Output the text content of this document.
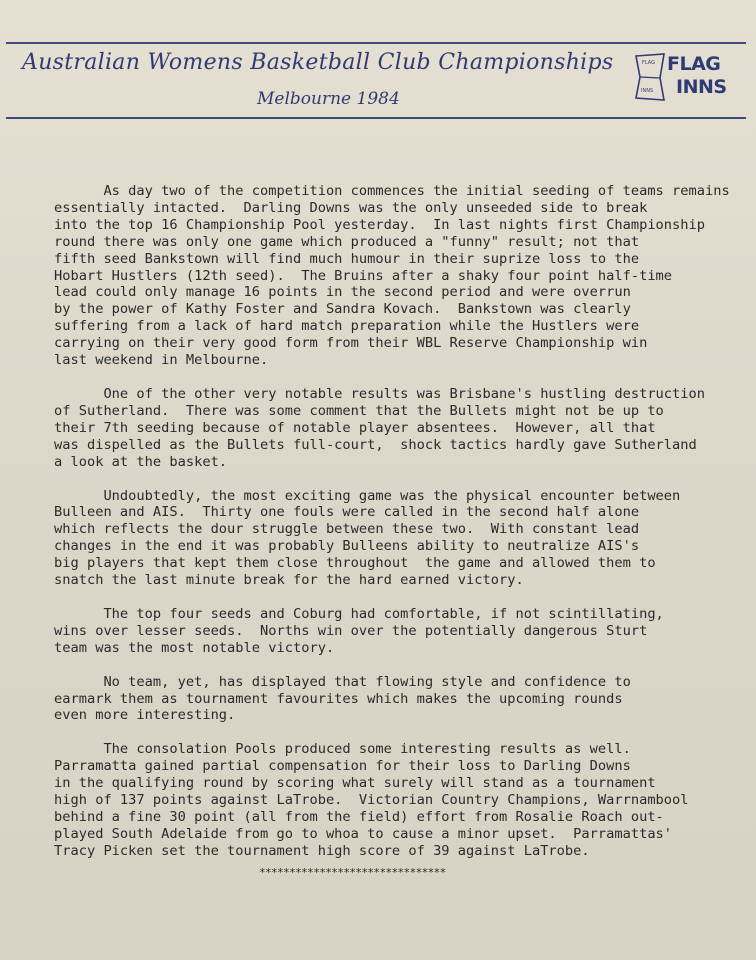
Australian Womens Basketball Club Championships
Melbourne 1984
FLAG
INNS
FLAG
INNS
As day two of the competition commences the initial seeding of teams remains
essentially intacted.  Darling Downs was the only unseeded side to break
into the top 16 Championship Pool yesterday.  In last nights first Championship
round there was only one game which produced a "funny" result; not that
fifth seed Bankstown will find much humour in their suprize loss to the
Hobart Hustlers (12th seed).  The Bruins after a shaky four point half-time
lead could only manage 16 points in the second period and were overrun
by the power of Kathy Foster and Sandra Kovach.  Bankstown was clearly
suffering from a lack of hard match preparation while the Hustlers were
carrying on their very good form from their WBL Reserve Championship win
last weekend in Melbourne.
One of the other very notable results was Brisbane's hustling destruction
of Sutherland.  There was some comment that the Bullets might not be up to
their 7th seeding because of notable player absentees.  However, all that
was dispelled as the Bullets full-court,  shock tactics hardly gave Sutherland
a look at the basket.
Undoubtedly, the most exciting game was the physical encounter between
Bulleen and AIS.  Thirty one fouls were called in the second half alone
which reflects the dour struggle between these two.  With constant lead
changes in the end it was probably Bulleens ability to neutralize AIS's
big players that kept them close throughout  the game and allowed them to
snatch the last minute break for the hard earned victory.
The top four seeds and Coburg had comfortable, if not scintillating,
wins over lesser seeds.  Norths win over the potentially dangerous Sturt
team was the most notable victory.
No team, yet, has displayed that flowing style and confidence to
earmark them as tournament favourites which makes the upcoming rounds
even more interesting.
The consolation Pools produced some interesting results as well.
Parramatta gained partial compensation for their loss to Darling Downs
in the qualifying round by scoring what surely will stand as a tournament
high of 137 points against LaTrobe.  Victorian Country Champions, Warrnambool
behind a fine 30 point (all from the field) effort from Rosalie Roach out-
played South Adelaide from go to whoa to cause a minor upset.  Parramattas'
Tracy Picken set the tournament high score of 39 against LaTrobe.
*******************************
